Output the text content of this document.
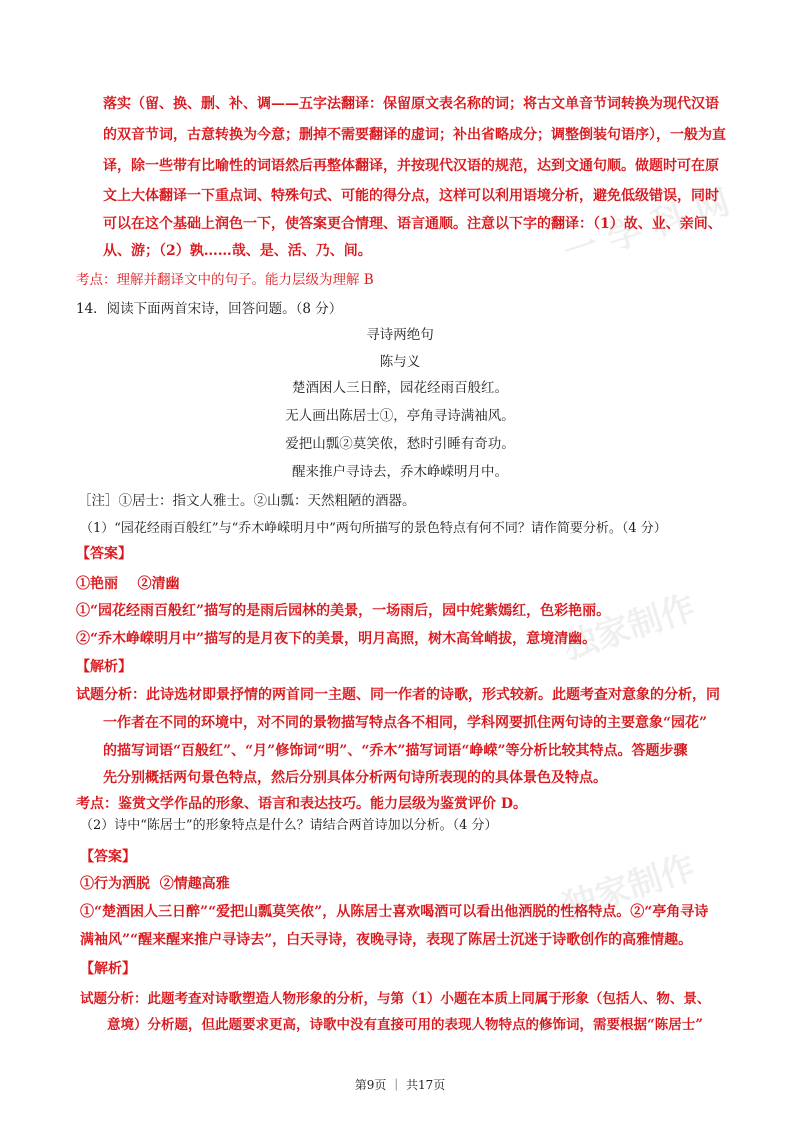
一 学 科 网
独家制作
独家制作
落实（留、换、删、补、调——五字法翻译：保留原文表名称的词；将古文单音节词转换为现代汉语
的双音节词，古意转换为今意；删掉不需要翻译的虚词；补出省略成分；调整倒装句语序），一般为直
译，除一些带有比喻性的词语然后再整体翻译，并按现代汉语的规范，达到文通句顺。做题时可在原
文上大体翻译一下重点词、特殊句式、可能的得分点，这样可以利用语境分析，避免低级错误，同时
可以在这个基础上润色一下，使答案更合情理、语言通顺。注意以下字的翻译：（1）故、业、亲间、
从、游；（2）孰……哉、是、活、乃、间。
考点：理解并翻译文中的句子。能力层级为理解 B
14．阅读下面两首宋诗，回答问题。（8 分）
寻诗两绝句
陈与义
楚酒困人三日醉，园花经雨百般红。
无人画出陈居士①，亭角寻诗满袖风。
爱把山瓢②莫笑侬，愁时引睡有奇功。
醒来推户寻诗去，乔木峥嵘明月中。
［注］①居士：指文人雅士。②山瓢：天然粗陋的酒器。
（1）“园花经雨百般红”与“乔木峥嵘明月中”两句所描写的景色特点有何不同？请作简要分析。（4 分）
【答案】
①艳丽    ②清幽
①“园花经雨百般红”描写的是雨后园林的美景，一场雨后，园中姹紫嫣红，色彩艳丽。
②“乔木峥嵘明月中”描写的是月夜下的美景，明月高照，树木高耸峭拔，意境清幽。
【解析】
试题分析：此诗选材即景抒情的两首同一主题、同一作者的诗歌，形式较新。此题考查对意象的分析，同
一作者在不同的环境中，对不同的景物描写特点各不相同，学科网要抓住两句诗的主要意象“园花”
的描写词语“百般红”、“月”修饰词“明”、“乔木”描写词语“峥嵘”等分析比较其特点。答题步骤
先分别概括两句景色特点，然后分别具体分析两句诗所表现的的具体景色及特点。
考点：鉴赏文学作品的形象、语言和表达技巧。能力层级为鉴赏评价 D。
（2）诗中“陈居士”的形象特点是什么？请结合两首诗加以分析。（4 分）
【答案】
①行为洒脱  ②情趣高雅
①“楚酒困人三日醉”“爱把山瓢莫笑侬”，从陈居士喜欢喝酒可以看出他洒脱的性格特点。②“亭角寻诗
满袖风”“醒来醒来推户寻诗去”，白天寻诗，夜晚寻诗，表现了陈居士沉迷于诗歌创作的高雅情趣。
【解析】
试题分析：此题考查对诗歌塑造人物形象的分析，与第（1）小题在本质上同属于形象（包括人、物、景、
意境）分析题，但此题要求更高，诗歌中没有直接可用的表现人物特点的修饰词，需要根据“陈居士”
第9页 ｜ 共17页
